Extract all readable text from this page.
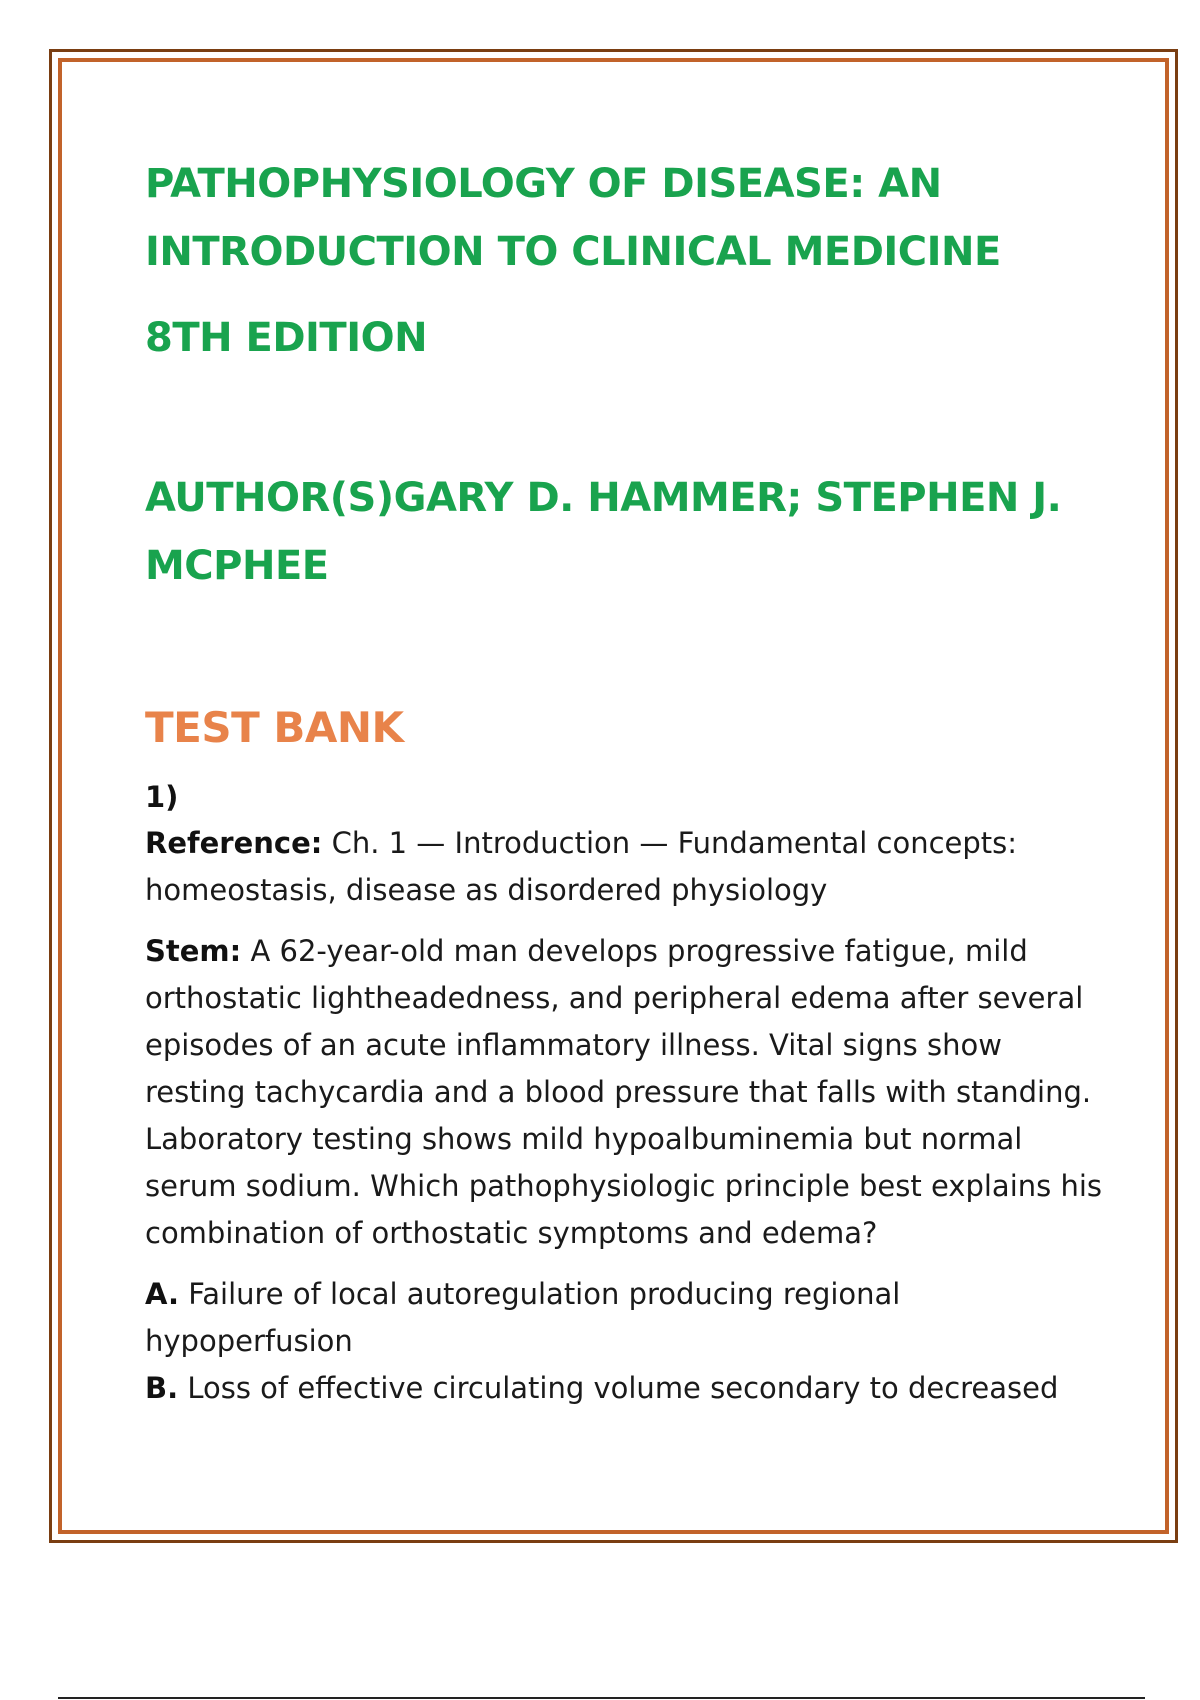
PATHOPHYSIOLOGY OF DISEASE: AN
INTRODUCTION TO CLINICAL MEDICINE
8TH EDITION
AUTHOR(S)GARY D. HAMMER; STEPHEN J.
MCPHEE
TEST BANK
1)

Reference: Ch. 1 — Introduction — Fundamental concepts: homeostasis, disease as disordered physiology

Stem: A 62-year-old man develops progressive fatigue, mild orthostatic lightheadedness, and peripheral edema after several episodes of an acute inflammatory illness. Vital signs show resting tachycardia and a blood pressure that falls with standing. Laboratory testing shows mild hypoalbuminemia but normal serum sodium. Which pathophysiologic principle best explains his combination of orthostatic symptoms and edema?

A. Failure of local autoregulation producing regional hypoperfusion

B. Loss of effective circulating volume secondary to decreased
